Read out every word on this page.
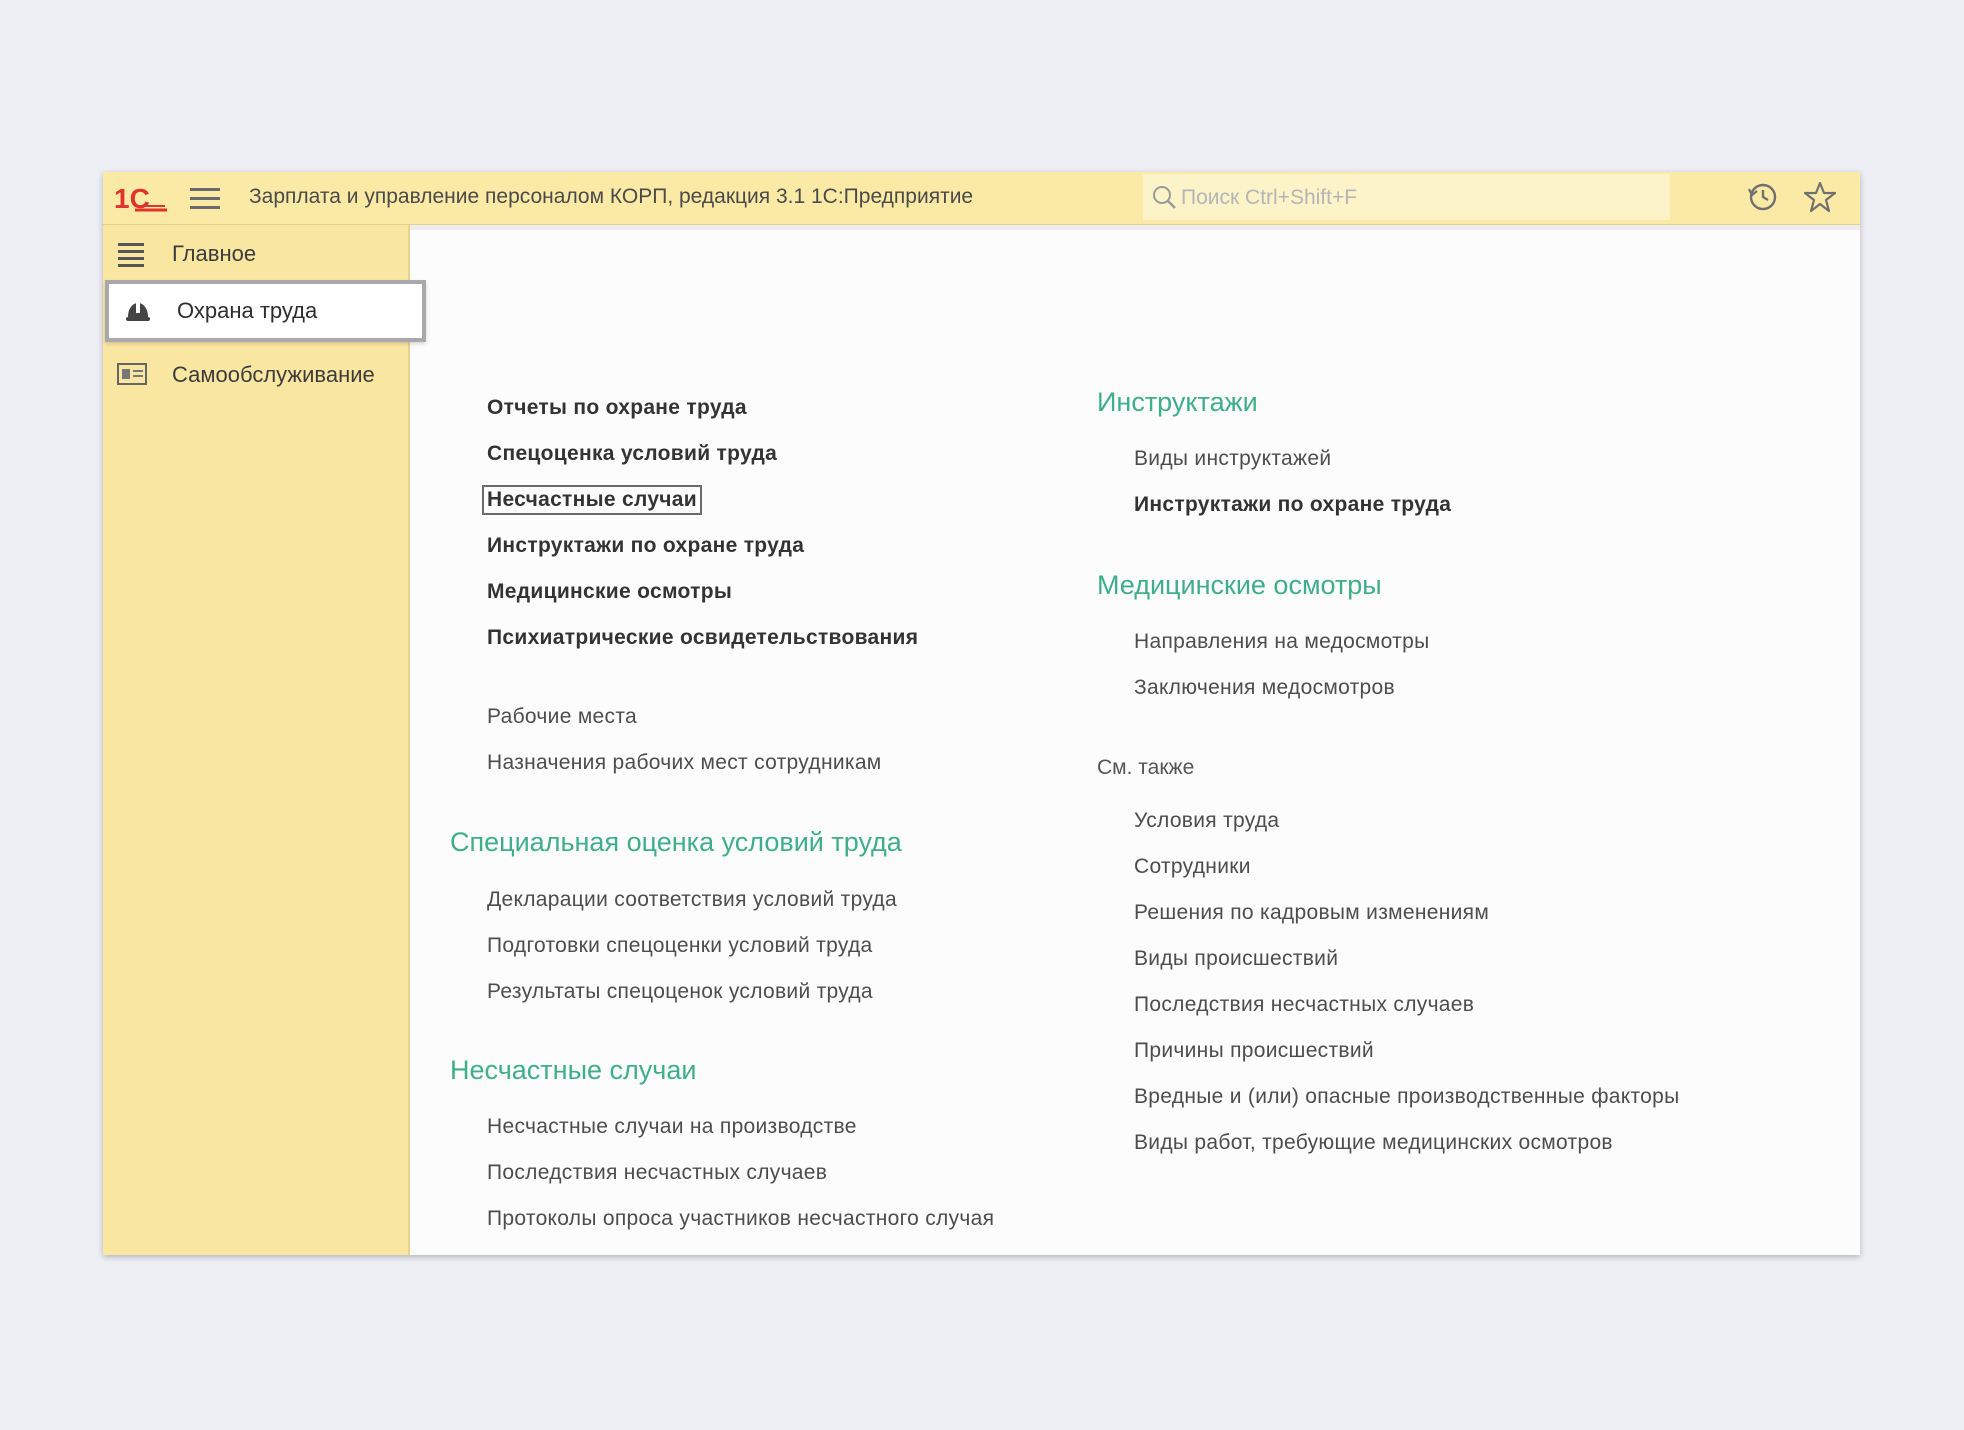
1С	Зарплата и управление персоналом КОРП, редакция 3.1 1С:Предприятие
Поиск Ctrl+Shift+F
Главное
Охрана труда
Самообслуживание
Отчеты по охране труда
Спецоценка условий труда
Несчастные случаи
Инструктажи по охране труда
Медицинские осмотры
Психиатрические освидетельствования
Рабочие места
Назначения рабочих мест сотрудникам
Специальная оценка условий труда
Декларации соответствия условий труда
Подготовки спецоценки условий труда
Результаты спецоценок условий труда
Несчастные случаи
Несчастные случаи на производстве
Последствия несчастных случаев
Протоколы опроса участников несчастного случая
Инструктажи
Виды инструктажей
Инструктажи по охране труда
Медицинские осмотры
Направления на медосмотры
Заключения медосмотров
См. также
Условия труда
Сотрудники
Решения по кадровым изменениям
Виды происшествий
Последствия несчастных случаев
Причины происшествий
Вредные и (или) опасные производственные факторы
Виды работ, требующие медицинских осмотров
